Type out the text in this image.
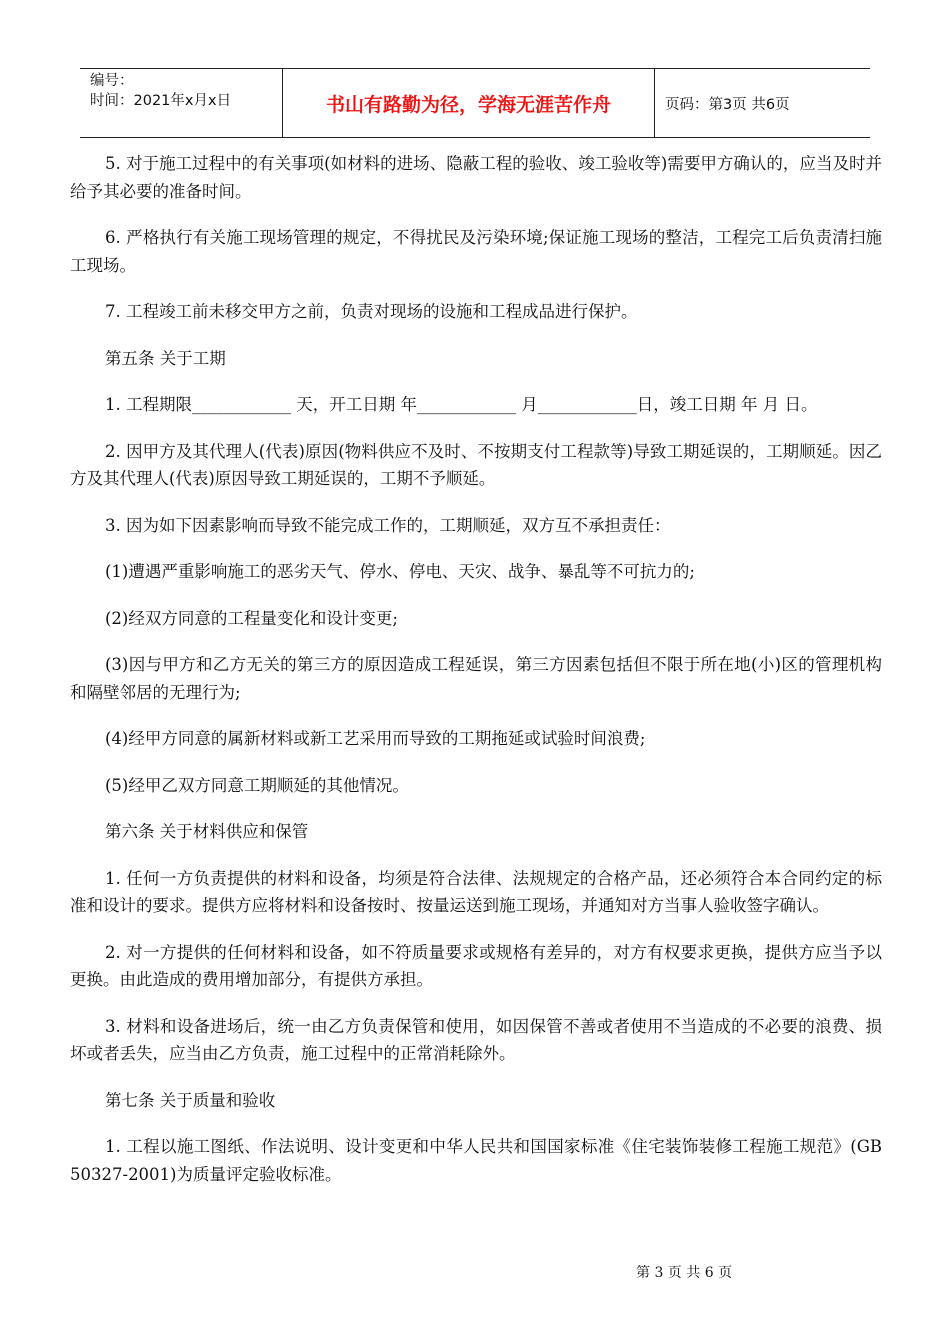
编号：
时间：2021年x月x日	书山有路勤为径，学海无涯苦作舟	页码：第3页 共6页

5. 对于施工过程中的有关事项(如材料的进场、隐蔽工程的验收、竣工验收等)需要甲方确认的，应当及时并给予其必要的准备时间。

6. 严格执行有关施工现场管理的规定，不得扰民及污染环境;保证施工现场的整洁，工程完工后负责清扫施工现场。

7. 工程竣工前未移交甲方之前，负责对现场的设施和工程成品进行保护。

第五条 关于工期

1. 工程期限____________ 天，开工日期 年____________ 月____________日，竣工日期 年 月 日。

2. 因甲方及其代理人(代表)原因(物料供应不及时、不按期支付工程款等)导致工期延误的，工期顺延。因乙方及其代理人(代表)原因导致工期延误的，工期不予顺延。

3. 因为如下因素影响而导致不能完成工作的，工期顺延，双方互不承担责任：

(1)遭遇严重影响施工的恶劣天气、停水、停电、天灾、战争、暴乱等不可抗力的;

(2)经双方同意的工程量变化和设计变更;

(3)因与甲方和乙方无关的第三方的原因造成工程延误，第三方因素包括但不限于所在地(小)区的管理机构和隔壁邻居的无理行为;

(4)经甲方同意的属新材料或新工艺采用而导致的工期拖延或试验时间浪费;

(5)经甲乙双方同意工期顺延的其他情况。

第六条 关于材料供应和保管

1. 任何一方负责提供的材料和设备，均须是符合法律、法规规定的合格产品，还必须符合本合同约定的标准和设计的要求。提供方应将材料和设备按时、按量运送到施工现场，并通知对方当事人验收签字确认。

2. 对一方提供的任何材料和设备，如不符质量要求或规格有差异的，对方有权要求更换，提供方应当予以更换。由此造成的费用增加部分，有提供方承担。

3. 材料和设备进场后，统一由乙方负责保管和使用，如因保管不善或者使用不当造成的不必要的浪费、损坏或者丢失，应当由乙方负责，施工过程中的正常消耗除外。

第七条 关于质量和验收

1. 工程以施工图纸、作法说明、设计变更和中华人民共和国国家标准《住宅装饰装修工程施工规范》(GB 50327-2001)为质量评定验收标准。

第 3 页 共 6 页
